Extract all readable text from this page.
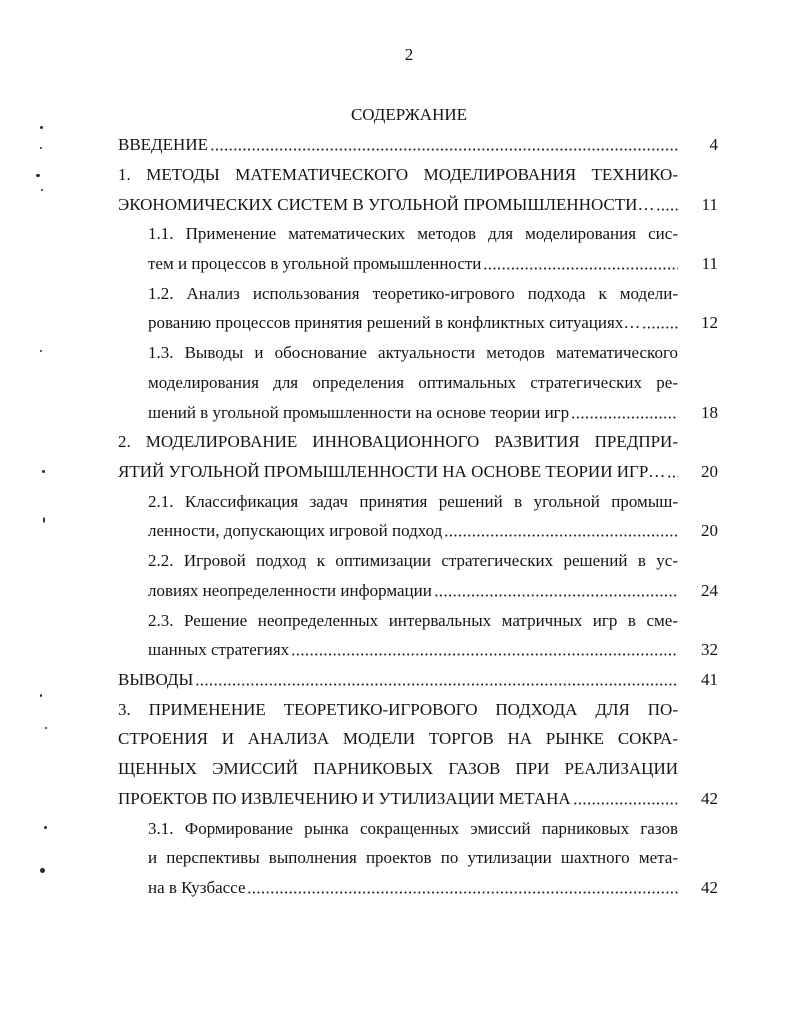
2
СОДЕРЖАНИЕ
ВВЕДЕНИЕ	4
1. МЕТОДЫ МАТЕМАТИЧЕСКОГО МОДЕЛИРОВАНИЯ ТЕХНИКО-
ЭКОНОМИЧЕСКИХ СИСТЕМ В УГОЛЬНОЙ ПРОМЫШЛЕННОСТИ…	11
1.1. Применение математических методов для моделирования сис-
тем и процессов в угольной промышленности	11
1.2. Анализ использования теоретико-игрового подхода к модели-
рованию процессов принятия решений в конфликтных ситуациях…	12
1.3. Выводы и обоснование актуальности методов математического
моделирования для определения оптимальных стратегических ре-
шений в угольной промышленности на основе теории игр	18
2. МОДЕЛИРОВАНИЕ ИННОВАЦИОННОГО РАЗВИТИЯ ПРЕДПРИ-
ЯТИЙ УГОЛЬНОЙ ПРОМЫШЛЕННОСТИ НА ОСНОВЕ ТЕОРИИ ИГР… 20
2.1. Классификация задач принятия решений в угольной промыш-
ленности, допускающих игровой подход	20
2.2. Игровой подход к оптимизации стратегических решений в ус-
ловиях неопределенности информации	24
2.3. Решение неопределенных интервальных матричных игр в сме-
шанных стратегиях	32
ВЫВОДЫ	41
3. ПРИМЕНЕНИЕ ТЕОРЕТИКО-ИГРОВОГО ПОДХОДА ДЛЯ ПО-
СТРОЕНИЯ И АНАЛИЗА МОДЕЛИ ТОРГОВ НА РЫНКЕ СОКРА-
ЩЕННЫХ ЭМИССИЙ ПАРНИКОВЫХ ГАЗОВ ПРИ РЕАЛИЗАЦИИ
ПРОЕКТОВ ПО ИЗВЛЕЧЕНИЮ И УТИЛИЗАЦИИ МЕТАНА	42
3.1. Формирование рынка сокращенных эмиссий парниковых газов
и перспективы выполнения проектов по утилизации шахтного мета-
на в Кузбассе	42
